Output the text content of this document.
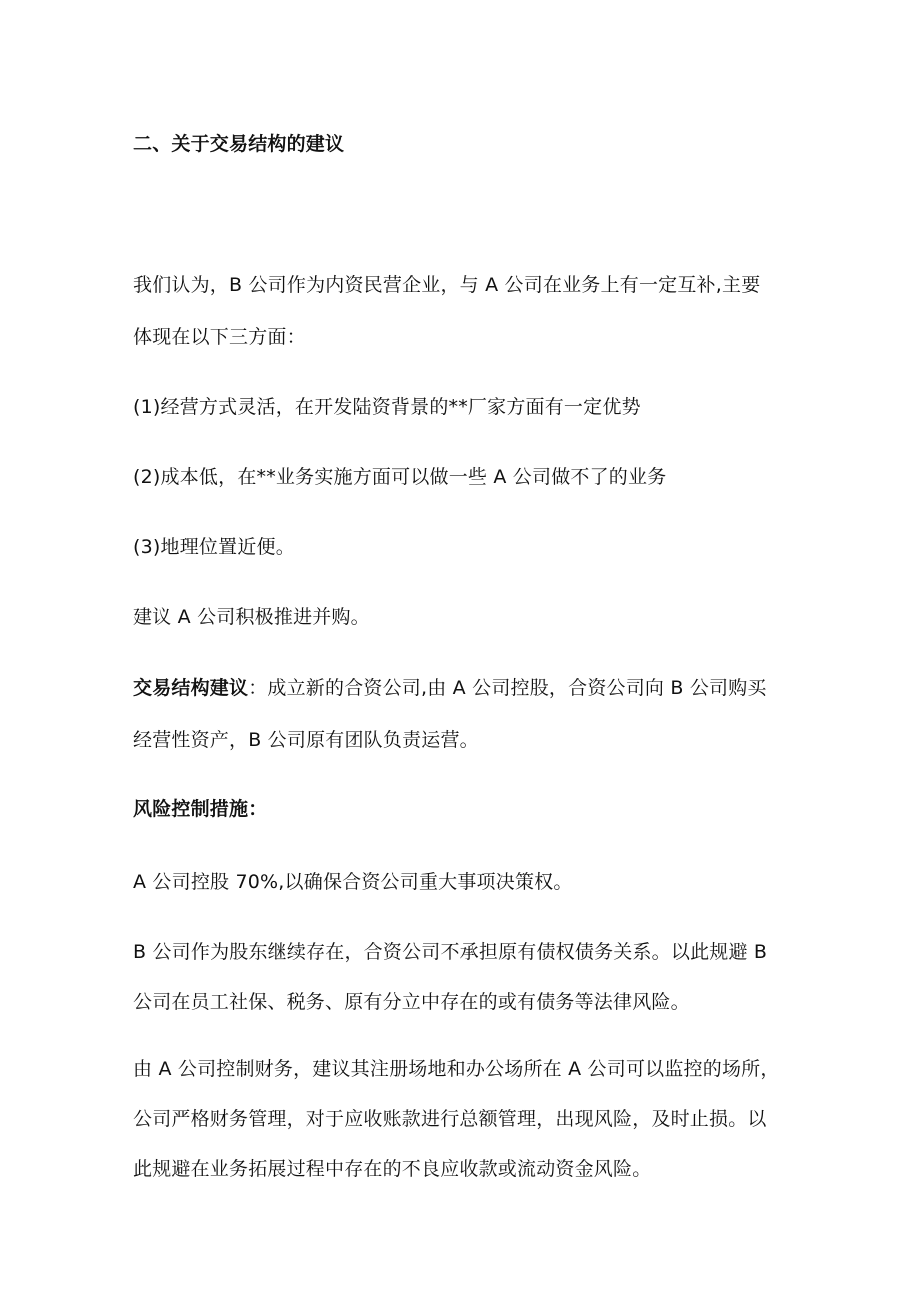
二、关于交易结构的建议
我们认为，B 公司作为内资民营企业，与 A 公司在业务上有一定互补,主要
体现在以下三方面：
(1)经营方式灵活，在开发陆资背景的**厂家方面有一定优势
(2)成本低，在**业务实施方面可以做一些 A 公司做不了的业务
(3)地理位置近便。
建议 A 公司积极推进并购。
交易结构建议：成立新的合资公司,由 A 公司控股，合资公司向 B 公司购买
经营性资产，B 公司原有团队负责运营。
风险控制措施：
A 公司控股 70%,以确保合资公司重大事项决策权。
B 公司作为股东继续存在，合资公司不承担原有债权债务关系。以此规避 B
公司在员工社保、税务、原有分立中存在的或有债务等法律风险。
由 A 公司控制财务，建议其注册场地和办公场所在 A 公司可以监控的场所，
公司严格财务管理，对于应收账款进行总额管理，出现风险，及时止损。以
此规避在业务拓展过程中存在的不良应收款或流动资金风险。
